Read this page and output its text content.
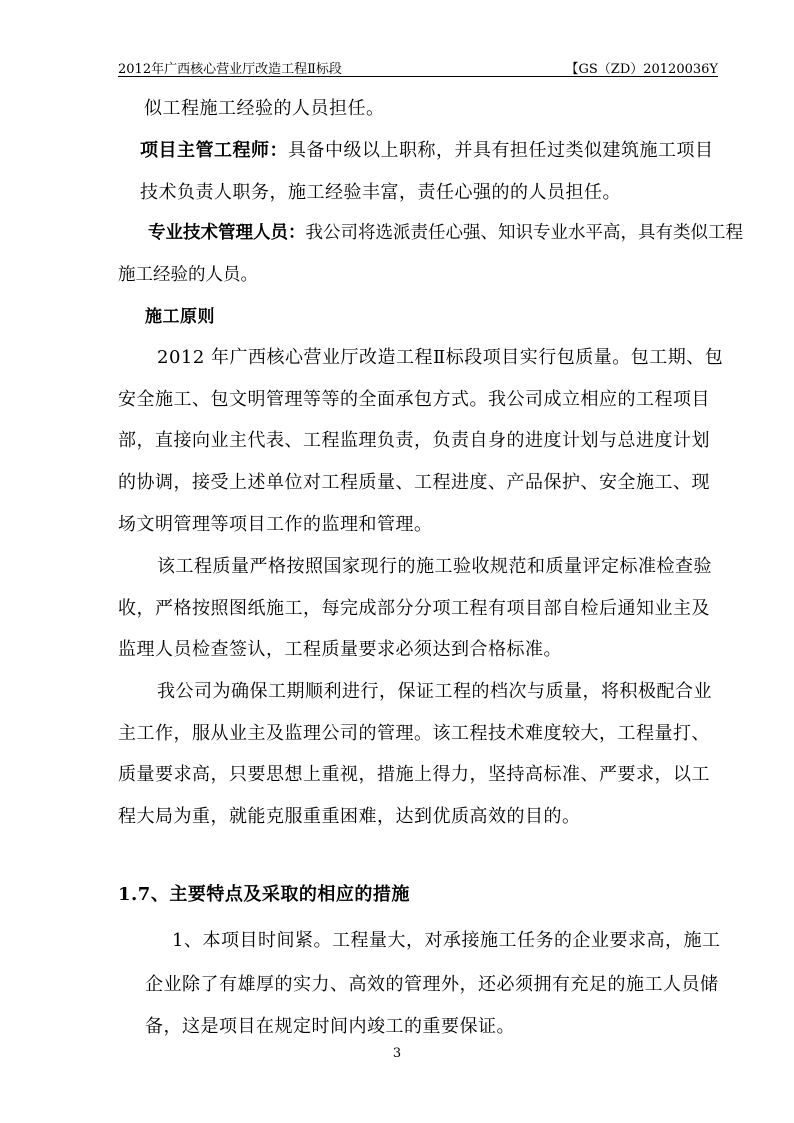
2012年广西核心营业厅改造工程Ⅱ标段	【GS（ZD）20120036Y
似工程施工经验的人员担任。
项目主管工程师：具备中级以上职称，并具有担任过类似建筑施工项目
技术负责人职务，施工经验丰富，责任心强的的人员担任。
专业技术管理人员：我公司将选派责任心强、知识专业水平高，具有类似工程
施工经验的人员。
施工原则
2012 年广西核心营业厅改造工程Ⅱ标段项目实行包质量。包工期、包
安全施工、包文明管理等等的全面承包方式。我公司成立相应的工程项目
部，直接向业主代表、工程监理负责，负责自身的进度计划与总进度计划
的协调，接受上述单位对工程质量、工程进度、产品保护、安全施工、现
场文明管理等项目工作的监理和管理。
该工程质量严格按照国家现行的施工验收规范和质量评定标准检查验
收，严格按照图纸施工，每完成部分分项工程有项目部自检后通知业主及
监理人员检查签认，工程质量要求必须达到合格标准。
我公司为确保工期顺利进行，保证工程的档次与质量，将积极配合业
主工作，服从业主及监理公司的管理。该工程技术难度较大，工程量打、
质量要求高，只要思想上重视，措施上得力，坚持高标准、严要求，以工
程大局为重，就能克服重重困难，达到优质高效的目的。
1.7、主要特点及采取的相应的措施
1、本项目时间紧。工程量大，对承接施工任务的企业要求高，施工
企业除了有雄厚的实力、高效的管理外，还必须拥有充足的施工人员储
备，这是项目在规定时间内竣工的重要保证。
3
